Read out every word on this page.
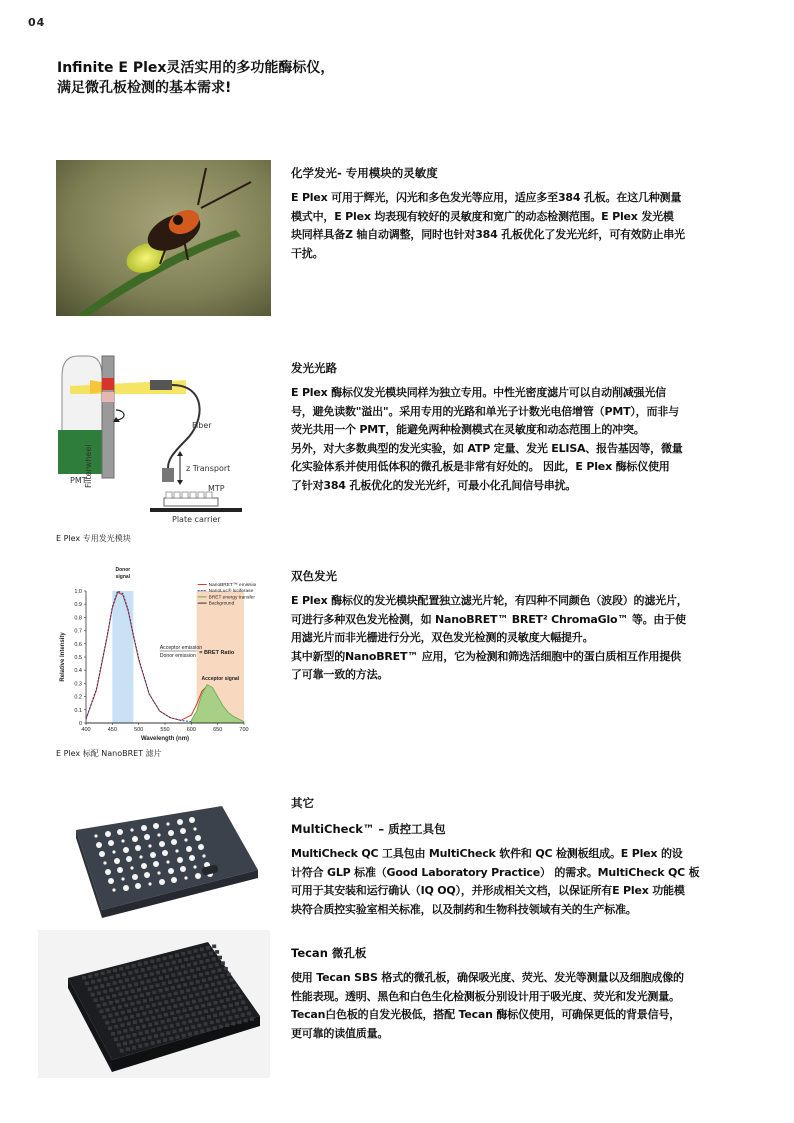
04
Infinite E Plex灵活实用的多功能酶标仪，
满足微孔板检测的基本需求!
化学发光- 专用模块的灵敏度
E Plex 可用于辉光，闪光和多色发光等应用，适应多至384 孔板。在这几种测量
模式中，E Plex 均表现有较好的灵敏度和宽广的动态检测范围。E Plex 发光模
块同样具备Z 轴自动调整，同时也针对384 孔板优化了发光光纤，可有效防止串光
干扰。
Fiber
z Transport
MTP
PMT
Filterwheel
Plate carrier
E Plex 专用发光模块
发光光路
E Plex 酶标仪发光模块同样为独立专用。中性光密度滤片可以自动削减强光信
号，避免读数"溢出"。采用专用的光路和单光子计数光电倍增管（PMT），而非与
荧光共用一个 PMT，能避免两种检测模式在灵敏度和动态范围上的冲突。
另外，对大多数典型的发光实验，如 ATP 定量、发光 ELISA、报告基因等，微量
化实验体系并使用低体积的微孔板是非常有好处的。 因此，E Plex 酶标仪使用
了针对384 孔板优化的发光光纤，可最小化孔间信号串扰。
0
0.1
0.2
0.3
0.4
0.5
0.6
0.7
0.8
0.9
1.0
400	450	500	550	600	650	700
Wavelength (nm)
Relative Intensity
Donor
signal
Acceptor signal
Acceptor emission
Donor emission = BRET Ratio
NanoBRET™ emission
NanoLuc® luciferase
BRET energy transfer
Background
E Plex 标配 NanoBRET 滤片
双色发光
E Plex 酶标仪的发光模块配置独立滤光片轮，有四种不同颜色（波段）的滤光片，
可进行多种双色发光检测，如 NanoBRET™ BRET² ChromaGlo™ 等。由于使
用滤光片而非光栅进行分光，双色发光检测的灵敏度大幅提升。
其中新型的NanoBRET™ 应用，它为检测和筛选活细胞中的蛋白质相互作用提供
了可靠一致的方法。
其它
MultiCheck™ – 质控工具包
MultiCheck QC 工具包由 MultiCheck 软件和 QC 检测板组成。E Plex 的设
计符合 GLP 标准（Good Laboratory Practice） 的需求。MultiCheck QC 板
可用于其安装和运行确认（IQ OQ），并形成相关文档，以保证所有E Plex 功能模
块符合质控实验室相关标准，以及制药和生物科技领域有关的生产标准。
Tecan 微孔板
使用 Tecan SBS 格式的微孔板，确保吸光度、荧光、发光等测量以及细胞成像的
性能表现。透明、黑色和白色生化检测板分别设计用于吸光度、荧光和发光测量。
Tecan白色板的自发光极低，搭配 Tecan 酶标仪使用，可确保更低的背景信号，
更可靠的读值质量。
